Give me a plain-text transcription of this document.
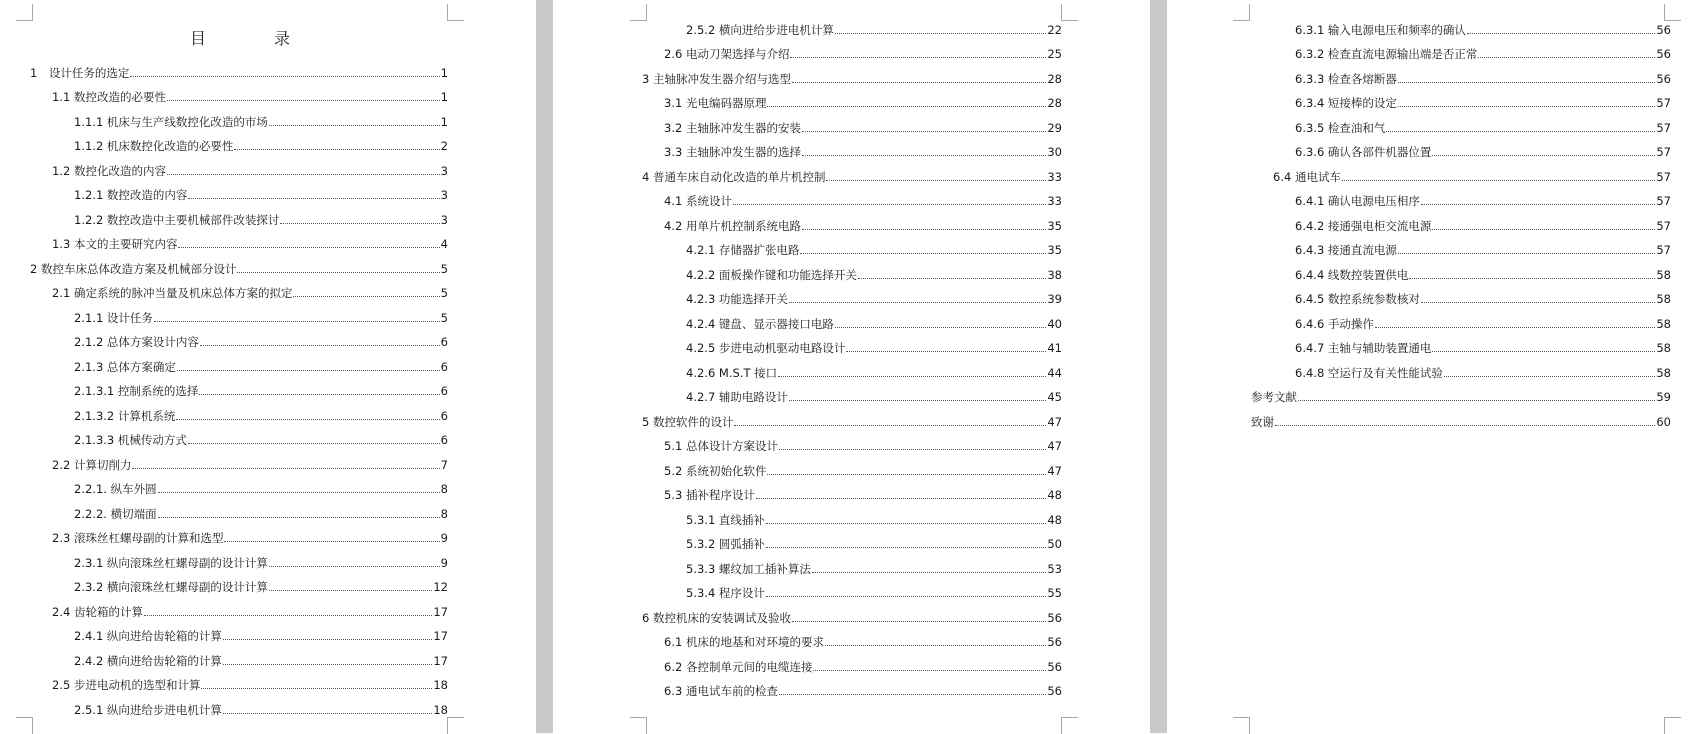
目　录
1　设计任务的选定	1
1.1 数控改造的必要性	1
1.1.1 机床与生产线数控化改造的市场	1
1.1.2 机床数控化改造的必要性	2
1.2 数控化改造的内容	3
1.2.1 数控改造的内容	3
1.2.2 数控改造中主要机械部件改装探讨	3
1.3 本文的主要研究内容	4
2 数控车床总体改造方案及机械部分设计	5
2.1 确定系统的脉冲当量及机床总体方案的拟定	5
2.1.1 设计任务	5
2.1.2 总体方案设计内容	6
2.1.3 总体方案确定	6
2.1.3.1 控制系统的选择	6
2.1.3.2 计算机系统	6
2.1.3.3 机械传动方式	6
2.2 计算切削力	7
2.2.1. 纵车外圆	8
2.2.2. 横切端面	8
2.3 滚珠丝杠螺母副的计算和选型	9
2.3.1 纵向滚珠丝杠螺母副的设计计算	9
2.3.2 横向滚珠丝杠螺母副的设计计算	12
2.4 齿轮箱的计算	17
2.4.1 纵向进给齿轮箱的计算	17
2.4.2 横向进给齿轮箱的计算	17
2.5 步进电动机的选型和计算	18
2.5.1 纵向进给步进电机计算	18
2.5.2 横向进给步进电机计算	22
2.6 电动刀架选择与介绍	25
3 主轴脉冲发生器介绍与选型	28
3.1 光电编码器原理	28
3.2 主轴脉冲发生器的安装	29
3.3 主轴脉冲发生器的选择	30
4 普通车床自动化改造的单片机控制	33
4.1 系统设计	33
4.2 用单片机控制系统电路	35
4.2.1 存储器扩张电路	35
4.2.2 面板操作键和功能选择开关	38
4.2.3 功能选择开关	39
4.2.4 键盘、显示器接口电路	40
4.2.5 步进电动机驱动电路设计	41
4.2.6 M.S.T 接口	44
4.2.7 辅助电路设计	45
5 数控软件的设计	47
5.1 总体设计方案设计	47
5.2 系统初始化软件	47
5.3 插补程序设计	48
5.3.1 直线插补	48
5.3.2 圆弧插补	50
5.3.3 螺纹加工插补算法	53
5.3.4 程序设计	55
6 数控机床的安装调试及验收	56
6.1 机床的地基和对环境的要求	56
6.2 各控制单元间的电缆连接	56
6.3 通电试车前的检查	56
6.3.1 输入电源电压和频率的确认	56
6.3.2 检查直流电源输出端是否正常	56
6.3.3 检查各熔断器	56
6.3.4 短接棒的设定	57
6.3.5 检查油和气	57
6.3.6 确认各部件机器位置	57
6.4 通电试车	57
6.4.1 确认电源电压相序	57
6.4.2 接通强电柜交流电源	57
6.4.3 接通直流电源	57
6.4.4 线数控装置供电	58
6.4.5 数控系统参数核对	58
6.4.6 手动操作	58
6.4.7 主轴与辅助装置通电	58
6.4.8 空运行及有关性能试验	58
参考文献	59
致谢	60
